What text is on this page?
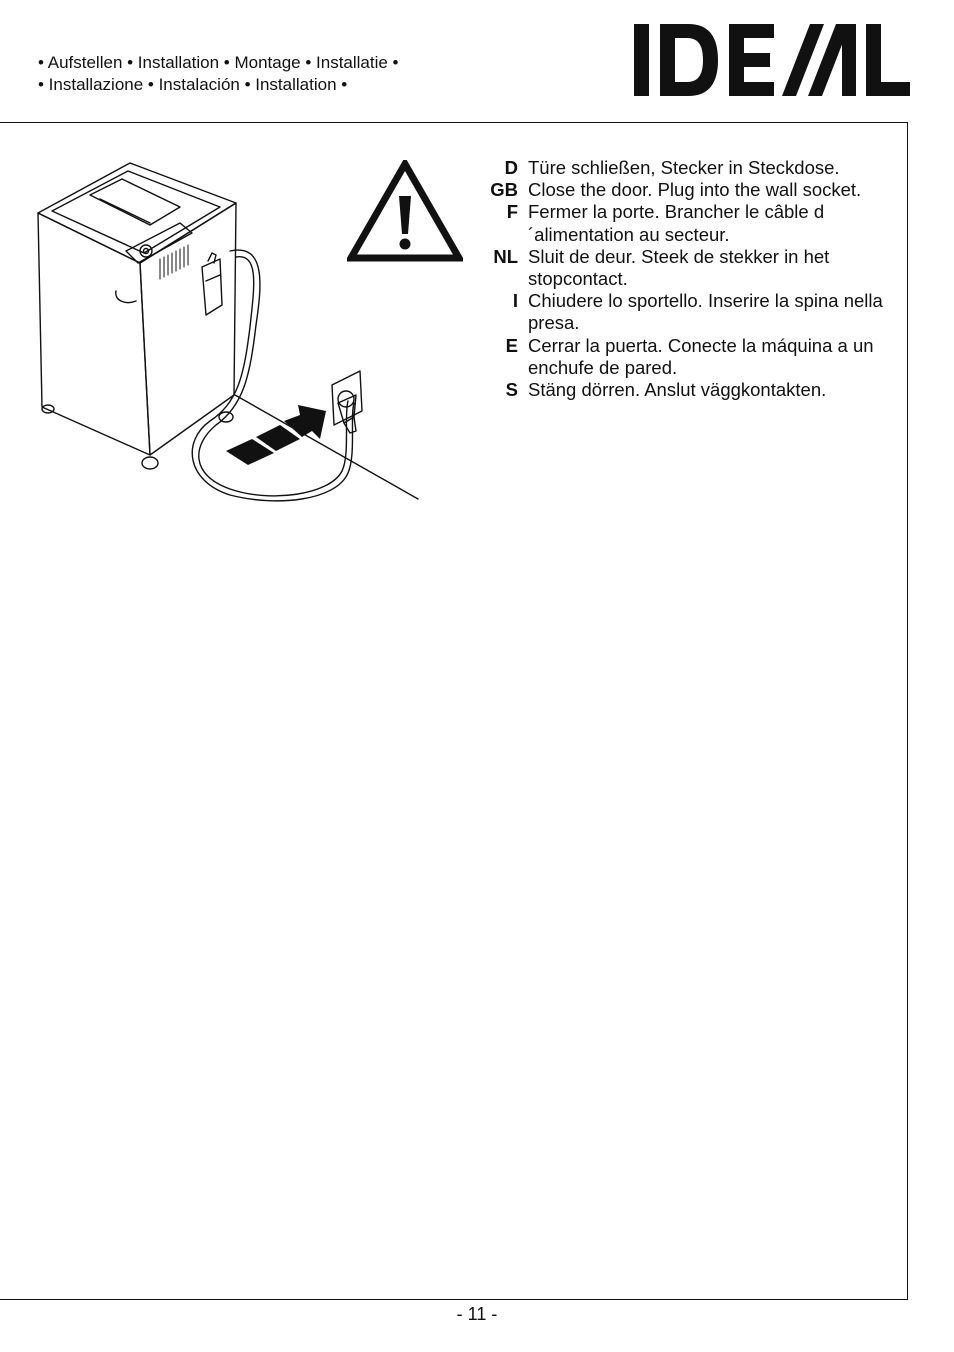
• Aufstellen • Installation • Montage • Installatie •
• Installazione • Instalación • Installation •
D Türe schließen, Stecker in Steckdose.
GB Close the door. Plug into the wall socket.
F Fermer la porte. Brancher le câble d´alimentation au secteur.
NL Sluit de deur. Steek de stekker in het stopcontact.
I Chiudere lo sportello. Inserire la spina nella presa.
E Cerrar la puerta. Conecte la máquina a un enchufe de pared.
S Stäng dörren. Anslut väggkontakten.
- 11 -
